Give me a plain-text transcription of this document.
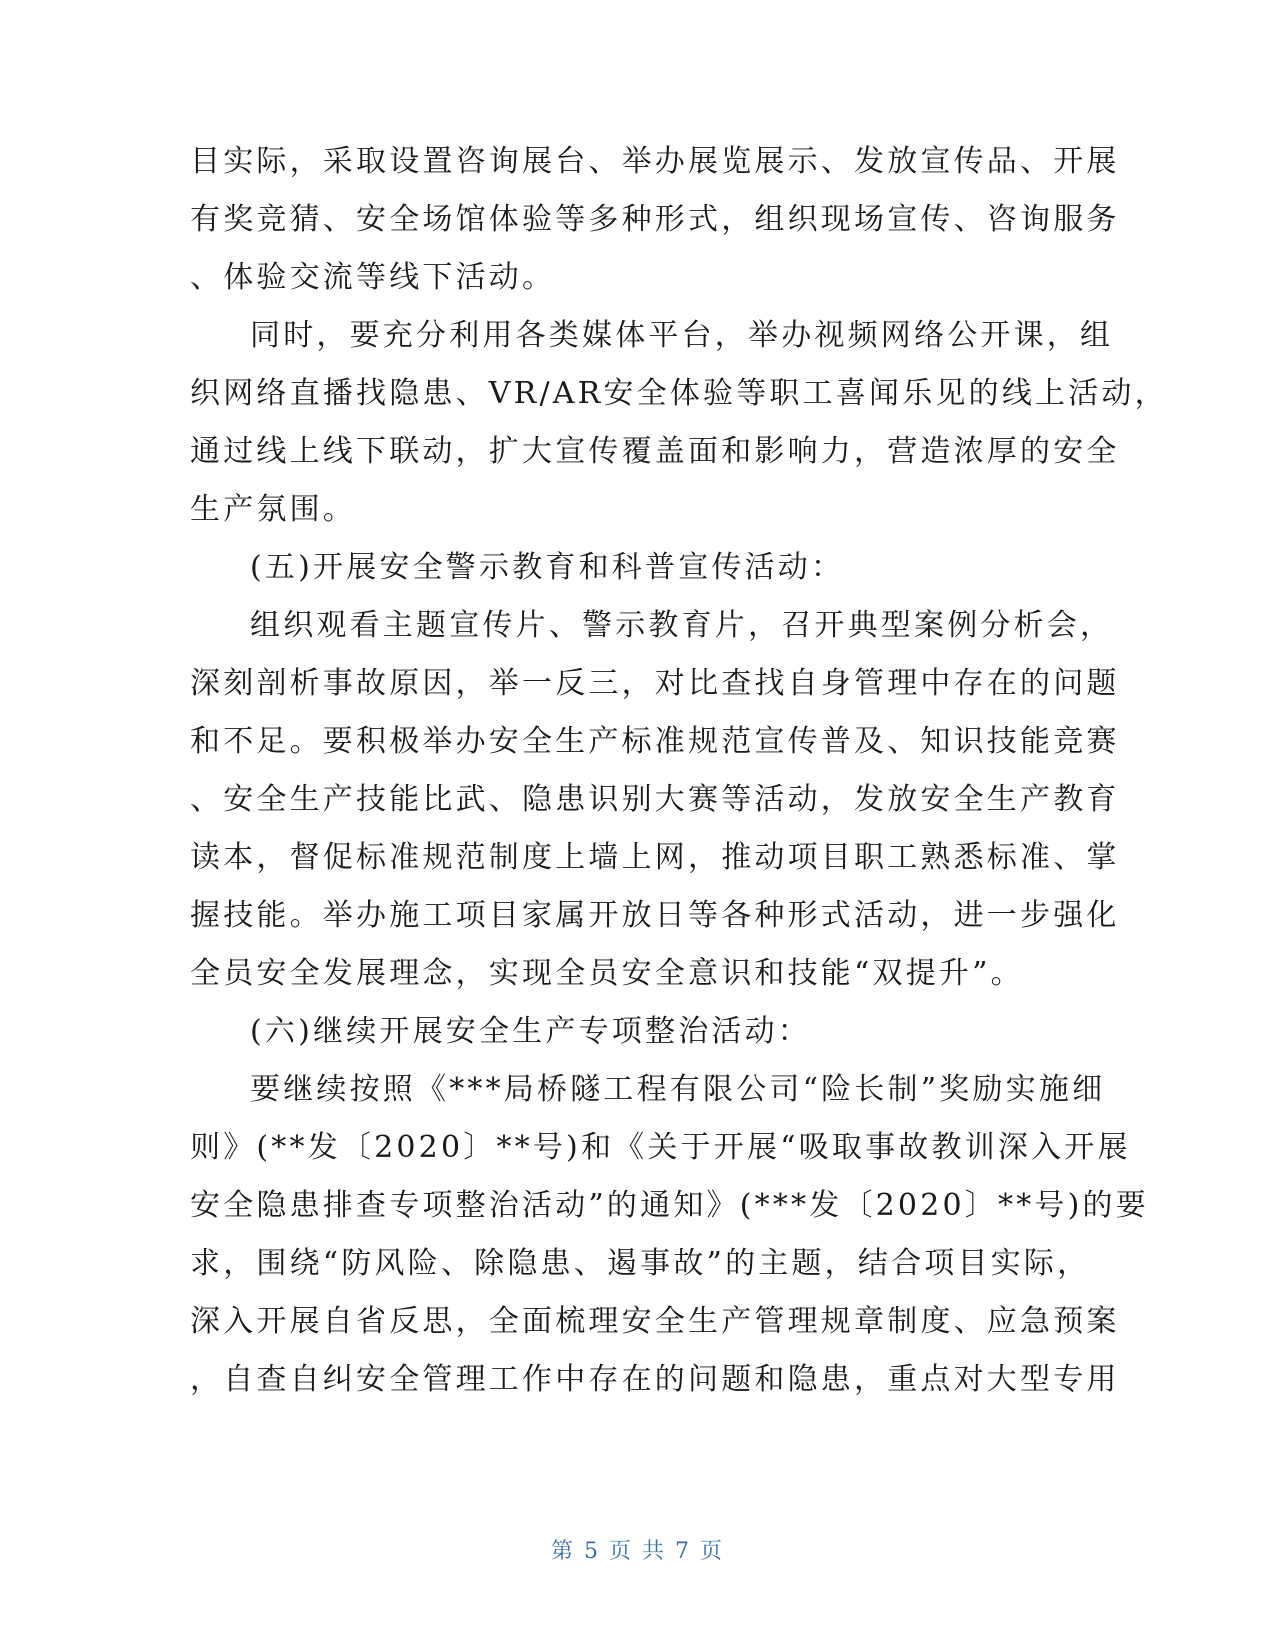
目实际，采取设置咨询展台、举办展览展示、发放宣传品、开展
有奖竞猜、安全场馆体验等多种形式，组织现场宣传、咨询服务
、体验交流等线下活动。
同时，要充分利用各类媒体平台，举办视频网络公开课，组
织网络直播找隐患、VR/AR安全体验等职工喜闻乐见的线上活动，
通过线上线下联动，扩大宣传覆盖面和影响力，营造浓厚的安全
生产氛围。
(五)开展安全警示教育和科普宣传活动：
组织观看主题宣传片、警示教育片，召开典型案例分析会，
深刻剖析事故原因，举一反三，对比查找自身管理中存在的问题
和不足。要积极举办安全生产标准规范宣传普及、知识技能竞赛
、安全生产技能比武、隐患识别大赛等活动，发放安全生产教育
读本，督促标准规范制度上墙上网，推动项目职工熟悉标准、掌
握技能。举办施工项目家属开放日等各种形式活动，进一步强化
全员安全发展理念，实现全员安全意识和技能“双提升”。
(六)继续开展安全生产专项整治活动：
要继续按照《***局桥隧工程有限公司“险长制”奖励实施细
则》(**发〔2020〕**号)和《关于开展“吸取事故教训深入开展
安全隐患排查专项整治活动”的通知》(***发〔2020〕**号)的要
求，围绕“防风险、除隐患、遏事故”的主题，结合项目实际，
深入开展自省反思，全面梳理安全生产管理规章制度、应急预案
，自查自纠安全管理工作中存在的问题和隐患，重点对大型专用
第 5 页 共 7 页
